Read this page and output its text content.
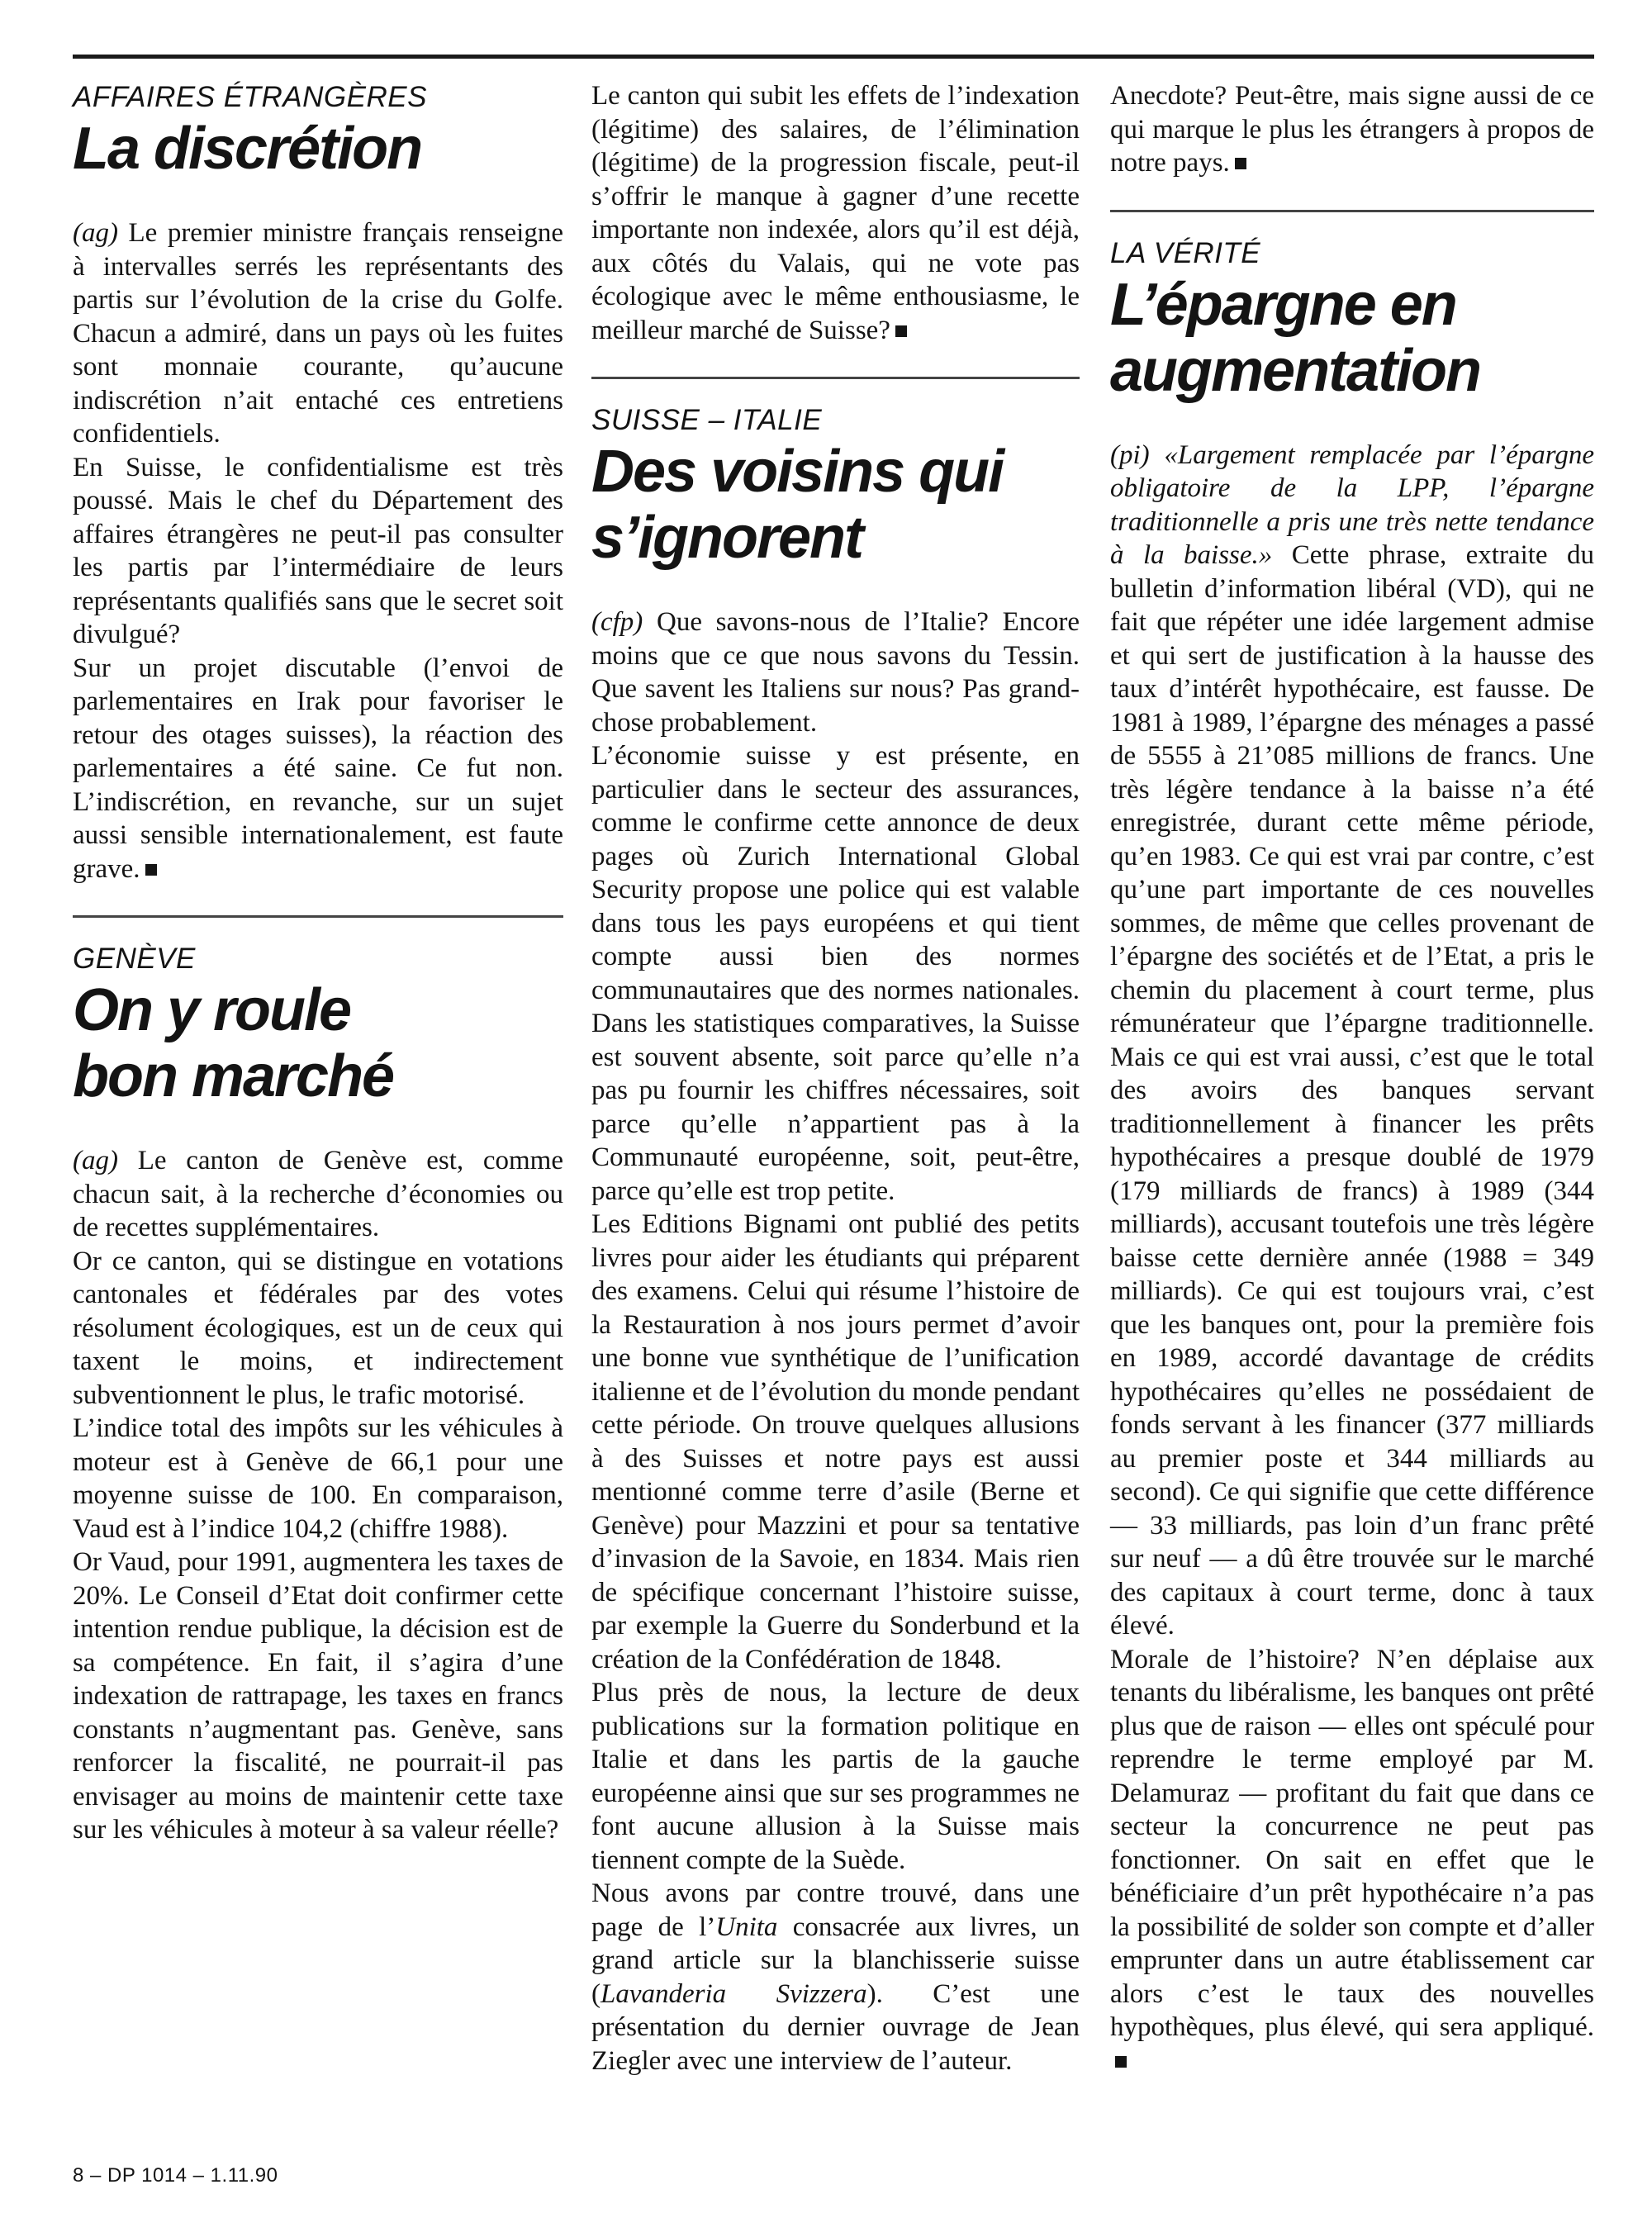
AFFAIRES ÉTRANGÈRES

La discrétion

(ag) Le premier ministre français renseigne à intervalles serrés les représentants des partis sur l’évolution de la crise du Golfe. Chacun a admiré, dans un pays où les fuites sont monnaie courante, qu’aucune indiscrétion n’ait entaché ces entretiens confidentiels.

En Suisse, le confidentialisme est très poussé. Mais le chef du Département des affaires étrangères ne peut-il pas consulter les partis par l’intermédiaire de leurs représentants qualifiés sans que le secret soit divulgué?

Sur un projet discutable (l’envoi de parlementaires en Irak pour favoriser le retour des otages suisses), la réaction des parlementaires a été saine. Ce fut non. L’indiscrétion, en revanche, sur un sujet aussi sensible internationalement, est faute grave.

GENÈVE

On y roule
bon marché

(ag) Le canton de Genève est, comme chacun sait, à la recherche d’économies ou de recettes supplémentaires.

Or ce canton, qui se distingue en votations cantonales et fédérales par des votes résolument écologiques, est un de ceux qui taxent le moins, et indirectement subventionnent le plus, le trafic motorisé.

L’indice total des impôts sur les véhicules à moteur est à Genève de 66,1 pour une moyenne suisse de 100. En comparaison, Vaud est à l’indice 104,2 (chiffre 1988).

Or Vaud, pour 1991, augmentera les taxes de 20%. Le Conseil d’Etat doit confirmer cette intention rendue publique, la décision est de sa compétence. En fait, il s’agira d’une indexation de rattrapage, les taxes en francs constants n’augmentant pas. Genève, sans renforcer la fiscalité, ne pourrait-il pas envisager au moins de maintenir cette taxe sur les véhicules à moteur à sa valeur réelle?

Le canton qui subit les effets de l’indexation (légitime) des salaires, de l’élimination (légitime) de la progression fiscale, peut-il s’offrir le manque à gagner d’une recette importante non indexée, alors qu’il est déjà, aux côtés du Valais, qui ne vote pas écologique avec le même enthousiasme, le meilleur marché de Suisse?

SUISSE – ITALIE

Des voisins qui
s’ignorent

(cfp) Que savons-nous de l’Italie? Encore moins que ce que nous savons du Tessin. Que savent les Italiens sur nous? Pas grand-chose probablement.

L’économie suisse y est présente, en particulier dans le secteur des assurances, comme le confirme cette annonce de deux pages où Zurich International Global Security propose une police qui est valable dans tous les pays européens et qui tient compte aussi bien des normes communautaires que des normes nationales. Dans les statistiques comparatives, la Suisse est souvent absente, soit parce qu’elle n’a pas pu fournir les chiffres nécessaires, soit parce qu’elle n’appartient pas à la Communauté européenne, soit, peut-être, parce qu’elle est trop petite.

Les Editions Bignami ont publié des petits livres pour aider les étudiants qui préparent des examens. Celui qui résume l’histoire de la Restauration à nos jours permet d’avoir une bonne vue synthétique de l’unification italienne et de l’évolution du monde pendant cette période. On trouve quelques allusions à des Suisses et notre pays est aussi mentionné comme terre d’asile (Berne et Genève) pour Mazzini et pour sa tentative d’invasion de la Savoie, en 1834. Mais rien de spécifique concernant l’histoire suisse, par exemple la Guerre du Sonderbund et la création de la Confédération de 1848.

Plus près de nous, la lecture de deux publications sur la formation politique en Italie et dans les partis de la gauche européenne ainsi que sur ses programmes ne font aucune allusion à la Suisse mais tiennent compte de la Suède.

Nous avons par contre trouvé, dans une page de l’Unita consacrée aux livres, un grand article sur la blanchisserie suisse (Lavanderia Svizzera). C’est une présentation du dernier ouvrage de Jean Ziegler avec une interview de l’auteur.

Anecdote? Peut-être, mais signe aussi de ce qui marque le plus les étrangers à propos de notre pays.

LA VÉRITÉ

L’épargne en
augmentation

(pi) «Largement remplacée par l’épargne obligatoire de la LPP, l’épargne traditionnelle a pris une très nette tendance à la baisse.» Cette phrase, extraite du bulletin d’information libéral (VD), qui ne fait que répéter une idée largement admise et qui sert de justification à la hausse des taux d’intérêt hypothécaire, est fausse. De 1981 à 1989, l’épargne des ménages a passé de 5555 à 21’085 millions de francs. Une très légère tendance à la baisse n’a été enregistrée, durant cette même période, qu’en 1983. Ce qui est vrai par contre, c’est qu’une part importante de ces nouvelles sommes, de même que celles provenant de l’épargne des sociétés et de l’Etat, a pris le chemin du placement à court terme, plus rémunérateur que l’épargne traditionnelle. Mais ce qui est vrai aussi, c’est que le total des avoirs des banques servant traditionnellement à financer les prêts hypothécaires a presque doublé de 1979 (179 milliards de francs) à 1989 (344 milliards), accusant toutefois une très légère baisse cette dernière année (1988 = 349 milliards). Ce qui est toujours vrai, c’est que les banques ont, pour la première fois en 1989, accordé davantage de crédits hypothécaires qu’elles ne possédaient de fonds servant à les financer (377 milliards au premier poste et 344 milliards au second). Ce qui signifie que cette différence — 33 milliards, pas loin d’un franc prêté sur neuf — a dû être trouvée sur le marché des capitaux à court terme, donc à taux élevé.

Morale de l’histoire? N’en déplaise aux tenants du libéralisme, les banques ont prêté plus que de raison — elles ont spéculé pour reprendre le terme employé par M. Delamuraz — profitant du fait que dans ce secteur la concurrence ne peut pas fonctionner. On sait en effet que le bénéficiaire d’un prêt hypothécaire n’a pas la possibilité de solder son compte et d’aller emprunter dans un autre établissement car alors c’est le taux des nouvelles hypothèques, plus élevé, qui sera appliqué.

8 – DP 1014 – 1.11.90
